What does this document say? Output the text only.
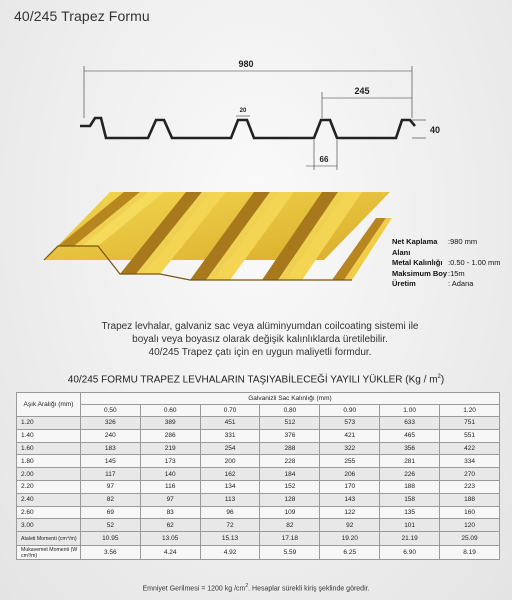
40/245 Trapez Formu
980
245
20
40
66
Net Kaplama Alanı
:980 mm
Metal Kalınlığı :0.50 - 1.00 mm
Maksimum Boy :15m
Üretim	: Adana
Trapez levhalar, galvaniz sac veya alüminyumdan coilcoating sistemi ile
boyalı veya boyasız olarak değişik kalınlıklarda üretilebilir.
40/245 Trapez çatı için en uygun maliyetli formdur.
40/245 FORMU TRAPEZ LEVHALARIN TAŞIYABİLECEĞİ YAYILI YÜKLER $(Kg / m^2)$
Aşık Aralığı (mm)	Galvanizli Sac Kalınlığı (mm)						
	0.50	0.60	0.70	0.80	0.90	1.00	1.20
1.20	326	389	451	512	573	633	751
1.40	240	286	331	376	421	465	551
1.60	183	219	254	288	322	356	422
1.80	145	173	200	228	255	281	334
2.00	117	140	162	184	206	226	270
2.20	97	116	134	152	170	188	223
2.40	82	97	113	128	143	158	188
2.60	69	83	96	109	122	135	160
3.00	52	62	72	82	92	101	120
Ataleti Momenti (cm⁴/m)	10.95	13.05	15.13	17.18	19.20	21.19	25.09
Mukavemet Momenti (W cm³/m)	3.56	4.24	4.92	5.59	6.25	6.90	8.19
Emniyet Gerilmesi = 1200 kg $/cm^2$. Hesaplar sürekli kiriş şeklinde göredir.
